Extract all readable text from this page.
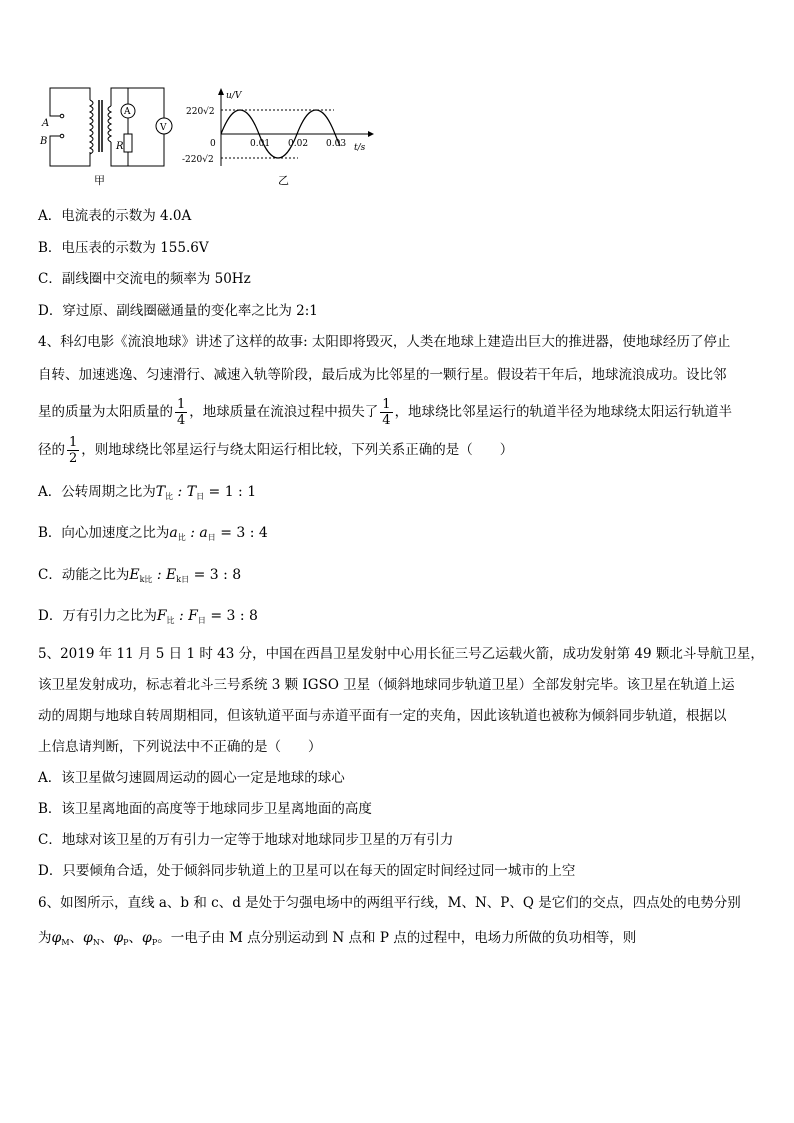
A
B
A
V
R
甲
u/V
t/s
220√2
-220√2
0	0.01 0.02 0.03
乙
A．电流表的示数为 4.0A
B．电压表的示数为 155.6V
C．副线圈中交流电的频率为 50Hz
D．穿过原、副线圈磁通量的变化率之比为 2:1
4、科幻电影《流浪地球》讲述了这样的故事: 太阳即将毁灭，人类在地球上建造出巨大的推进器，使地球经历了停止
自转、加速逃逸、匀速滑行、减速入轨等阶段，最后成为比邻星的一颗行星。假设若干年后，地球流浪成功。设比邻
星的质量为太阳质量的 $\frac{1}{4}$ ，地球质量在流浪过程中损失了 $\frac{1}{4}$ ，地球绕比邻星运行的轨道半径为地球绕太阳运行轨道半
径的 $\frac{1}{2}$ ，则地球绕比邻星运行与绕太阳运行相比较，下列关系正确的是（　　）
A．公转周期之比为$T_比$ : $T_日 = 1$ : 1
B．向心加速度之比为$a_比$ : $a_日 = 3$ : 4
C．动能之比为$E_{k比}$ : $E_{k日} = 3$ : 8
D．万有引力之比为$F_比$ : $F_日 = 3$ : 8
5、2019 年 11 月 5 日 1 时 43 分，中国在西昌卫星发射中心用长征三号乙运载火箭，成功发射第 49 颗北斗导航卫星，
该卫星发射成功，标志着北斗三号系统 3 颗 IGSO 卫星（倾斜地球同步轨道卫星）全部发射完毕。该卫星在轨道上运
动的周期与地球自转周期相同，但该轨道平面与赤道平面有一定的夹角，因此该轨道也被称为倾斜同步轨道，根据以
上信息请判断，下列说法中不正确的是（　　）
A．该卫星做匀速圆周运动的圆心一定是地球的球心
B．该卫星离地面的高度等于地球同步卫星离地面的高度
C．地球对该卫星的万有引力一定等于地球对地球同步卫星的万有引力
D．只要倾角合适，处于倾斜同步轨道上的卫星可以在每天的固定时间经过同一城市的上空
6、如图所示，直线 a、b 和 c、d 是处于匀强电场中的两组平行线，M、N、P、Q 是它们的交点，四点处的电势分别
为$\varphi_M$、$\varphi_N$、$\varphi_P$、$\varphi_P$。一电子由 M 点分别运动到 N 点和 P 点的过程中，电场力所做的负功相等，则
